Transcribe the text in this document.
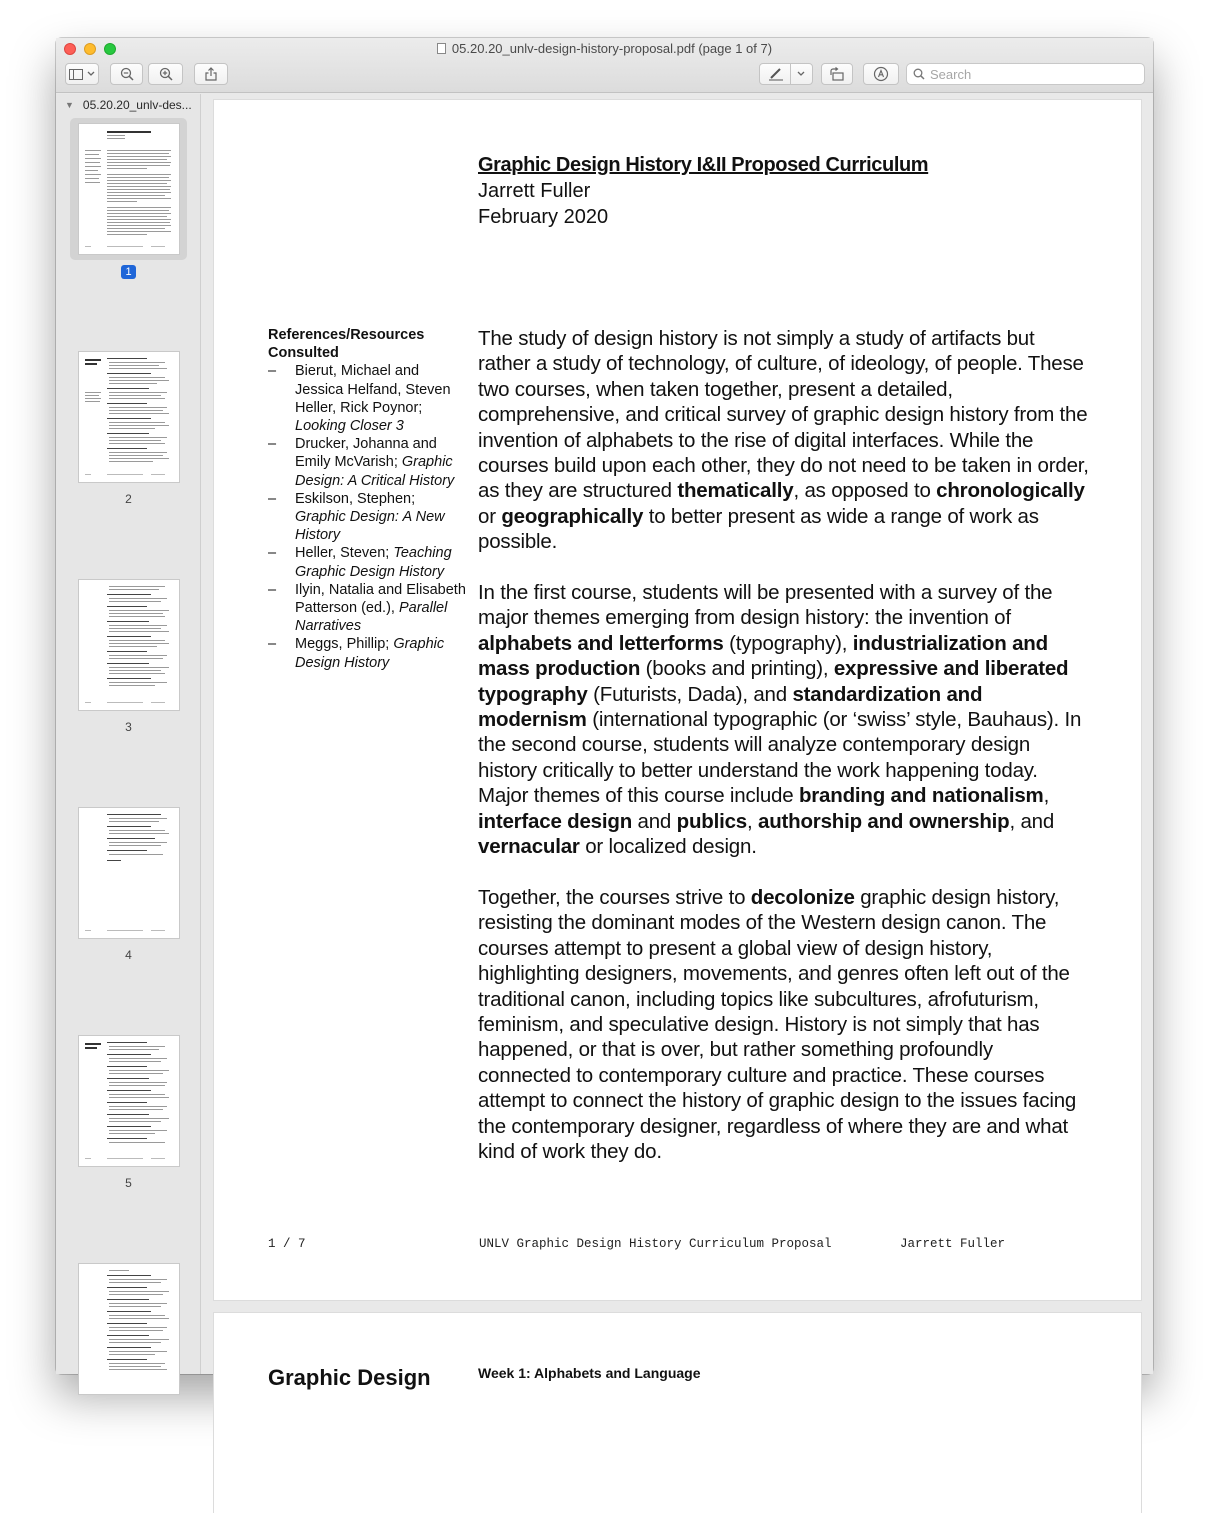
05.20.20_unlv-design-history-proposal.pdf (page 1 of 7)
Search
▼ 05.20.20_unlv-des...
1
2
3
4
5
Graphic Design History I&II Proposed Curriculum
Jarrett Fuller
February 2020
References/Resources Consulted
– Bierut, Michael and Jessica Helfand, Steven Heller, Rick Poynor; Looking Closer 3
– Drucker, Johanna and Emily McVarish; Graphic Design: A Critical History
– Eskilson, Stephen; Graphic Design: A New History
– Heller, Steven; Teaching Graphic Design History
– Ilyin, Natalia and Elisabeth Patterson (ed.), Parallel Narratives
– Meggs, Phillip; Graphic Design History

The study of design history is not simply a study of artifacts but rather a study of technology, of culture, of ideology, of people. These two courses, when taken together, present a detailed, comprehensive, and critical survey of graphic design history from the invention of alphabets to the rise of digital interfaces. While the courses build upon each other, they do not need to be taken in order, as they are structured thematically, as opposed to chronologically or geographically to better present as wide a range of work as possible.

In the first course, students will be presented with a survey of the major themes emerging from design history: the invention of alphabets and letterforms (typography), industrialization and mass production (books and printing), expressive and liberated typography (Futurists, Dada), and standardization and modernism (international typographic (or ‘swiss’ style, Bauhaus). In the second course, students will analyze contemporary design history critically to better understand the work happening today. Major themes of this course include branding and nationalism, interface design and publics, authorship and ownership, and vernacular or localized design.

Together, the courses strive to decolonize graphic design history, resisting the dominant modes of the Western design canon. The courses attempt to present a global view of design history, highlighting designers, movements, and genres often left out of the traditional canon, including topics like subcultures, afrofuturism, feminism, and speculative design. History is not simply that has happened, or that is over, but rather something profoundly connected to contemporary culture and practice. These courses attempt to connect the history of graphic design to the issues facing the contemporary designer, regardless of where they are and what kind of work they do.

1 / 7	UNLV Graphic Design History Curriculum Proposal	Jarrett Fuller
Graphic Design	Week 1: Alphabets and Language
